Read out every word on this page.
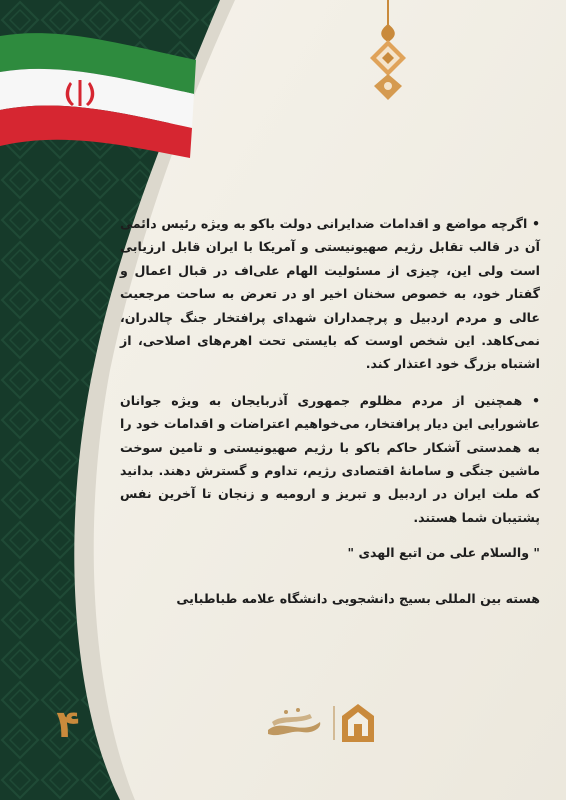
• اگرچه مواضع و اقدامات ضدایرانی دولت باکو به ویژه رئیس دائمی آن در قالب تقابل رژیم صهیونیستی و آمریکا با ایران قابل ارزیابی است ولی این، چیزی از مسئولیت الهام علی‌اف در قبال اعمال و گفتار خود، به خصوص سخنان اخیر او در تعرض به ساحت مرجعیت عالی و مردم اردبیل و پرچمداران شهدای پرافتخار جنگ چالدران، نمی‌کاهد. این شخص اوست که بایستی تحت اهرم‌های اصلاحی، از اشتباه بزرگ خود اعتذار کند.

• همچنین از مردم مظلوم جمهوری آذربایجان به ویژه جوانان عاشورایی این دیار پرافتخار، می‌خواهیم اعتراضات و اقدامات خود را به همدستی آشکار حاکم باکو با رژیم صهیونیستی و تامین سوخت ماشین جنگی و سامانهٔ اقتصادی رژیم، تداوم و گسترش دهند. بدانید که ملت ایران در اردبیل و تبریز و ارومیه و زنجان تا آخرین نفس پشتیبان شما هستند.

" والسلام علی من اتبع الهدی "

هسته بین المللی بسیج دانشجویی دانشگاه علامه طباطبایی

۴
